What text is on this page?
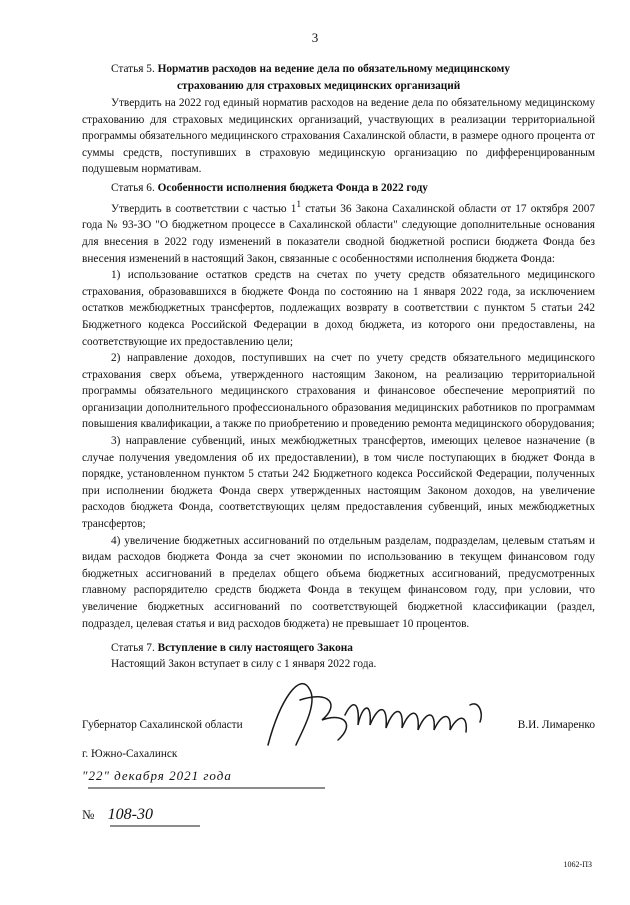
3

Статья 5. Норматив расходов на ведение дела по обязательному медицинскому

страхованию для страховых медицинских организаций

Утвердить на 2022 год единый норматив расходов на ведение дела по обязательному медицинскому страхованию для страховых медицинских организаций, участвующих в реализации территориальной программы обязательного медицинского страхования Сахалинской области, в размере одного процента от суммы средств, поступивших в страховую медицинскую организацию по дифференцированным подушевым нормативам.

Статья 6. Особенности исполнения бюджета Фонда в 2022 году

Утвердить в соответствии с частью $1^1$ статьи 36 Закона Сахалинской области от 17 октября 2007 года № 93-ЗО "О бюджетном процессе в Сахалинской области" следующие дополнительные основания для внесения в 2022 году изменений в показатели сводной бюджетной росписи бюджета Фонда без внесения изменений в настоящий Закон, связанные с особенностями исполнения бюджета Фонда:

1) использование остатков средств на счетах по учету средств обязательного медицинского страхования, образовавшихся в бюджете Фонда по состоянию на 1 января 2022 года, за исключением остатков межбюджетных трансфертов, подлежащих возврату в соответствии с пунктом 5 статьи 242 Бюджетного кодекса Российской Федерации в доход бюджета, из которого они предоставлены, на соответствующие их предоставлению цели;

2) направление доходов, поступивших на счет по учету средств обязательного медицинского страхования сверх объема, утвержденного настоящим Законом, на реализацию территориальной программы обязательного медицинского страхования и финансовое обеспечение мероприятий по организации дополнительного профессионального образования медицинских работников по программам повышения квалификации, а также по приобретению и проведению ремонта медицинского оборудования;

3) направление субвенций, иных межбюджетных трансфертов, имеющих целевое назначение (в случае получения уведомления об их предоставлении), в том числе поступающих в бюджет Фонда в порядке, установленном пунктом 5 статьи 242 Бюджетного кодекса Российской Федерации, полученных при исполнении бюджета Фонда сверх утвержденных настоящим Законом доходов, на увеличение расходов бюджета Фонда, соответствующих целям предоставления субвенций, иных межбюджетных трансфертов;

4) увеличение бюджетных ассигнований по отдельным разделам, подразделам, целевым статьям и видам расходов бюджета Фонда за счет экономии по использованию в текущем финансовом году бюджетных ассигнований в пределах общего объема бюджетных ассигнований, предусмотренных главному распорядителю средств бюджета Фонда в текущем финансовом году, при условии, что увеличение бюджетных ассигнований по соответствующей бюджетной классификации (раздел, подраздел, целевая статья и вид расходов бюджета) не превышает 10 процентов.

Статья 7. Вступление в силу настоящего Закона

Настоящий Закон вступает в силу с 1 января 2022 года.

Губернатор Сахалинской области	В.И. Лимаренко
г. Южно-Сахалинск
"22" декабря 2021 года
№ 108-30
1062-ПЗ
